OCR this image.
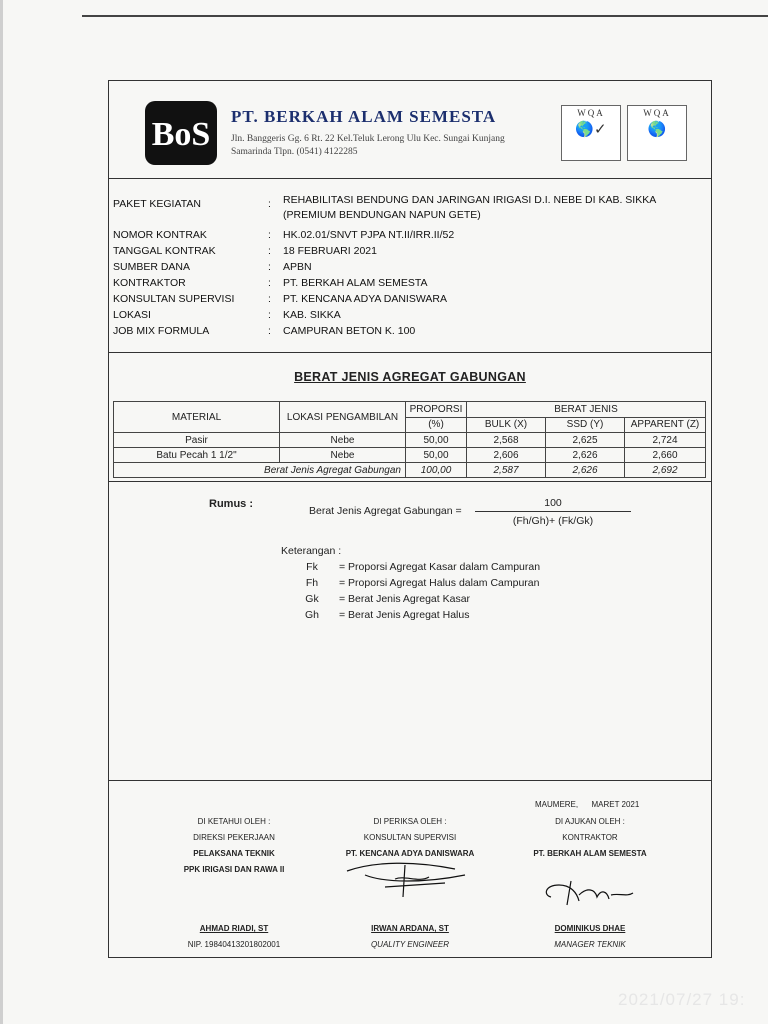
BoS PT. BERKAH ALAM SEMESTA
Jln. Banggeris Gg. 6 Rt. 22 Kel.Teluk Lerong Ulu Kec. Sungai Kunjang
Samarinda Tlpn. (0541) 4122285
WQA
🌎✓
WQA
🌎
PAKET KEGIATAN	: REHABILITASI BENDUNG DAN JARINGAN IRIGASI D.I. NEBE DI KAB. SIKKA
(PREMIUM BENDUNGAN NAPUN GETE)
NOMOR KONTRAK	: HK.02.01/SNVT PJPA NT.II/IRR.II/52
TANGGAL KONTRAK	: 18 FEBRUARI 2021
SUMBER DANA	: APBN
KONTRAKTOR	: PT. BERKAH ALAM SEMESTA
KONSULTAN SUPERVISI	: PT. KENCANA ADYA DANISWARA
LOKASI	: KAB. SIKKA
JOB MIX FORMULA	: CAMPURAN BETON K. 100
BERAT JENIS AGREGAT GABUNGAN
MATERIAL	LOKASI PENGAMBILAN	PROPORSI	BERAT JENIS		
		(%)	BULK (X)	SSD (Y)	APPARENT (Z)
Pasir	Nebe	50,00	2,568	2,625	2,724
Batu Pecah 1 1/2"	Nebe	50,00	2,606	2,626	2,660
Berat Jenis Agregat Gabungan		100,00	2,587	2,626	2,692
Rumus :
Berat Jenis Agregat Gabungan =
100
(Fh/Gh)+ (Fk/Gk)
Keterangan :
Fk	= Proporsi Agregat Kasar dalam Campuran
Fh	= Proporsi Agregat Halus dalam Campuran
Gk	= Berat Jenis Agregat Kasar
Gh	= Berat Jenis Agregat Halus
MAUMERE,      MARET 2021
DI KETAHUI OLEH :
DIREKSI PEKERJAAN
PELAKSANA TEKNIK
PPK IRIGASI DAN RAWA II
AHMAD RIADI, ST
NIP. 19840413201802001
DI PERIKSA OLEH :
KONSULTAN SUPERVISI
PT. KENCANA ADYA DANISWARA
IRWAN ARDANA, ST
QUALITY ENGINEER
DI AJUKAN OLEH :
KONTRAKTOR
PT. BERKAH ALAM SEMESTA
DOMINIKUS DHAE
MANAGER TEKNIK
2021/07/27 19:
